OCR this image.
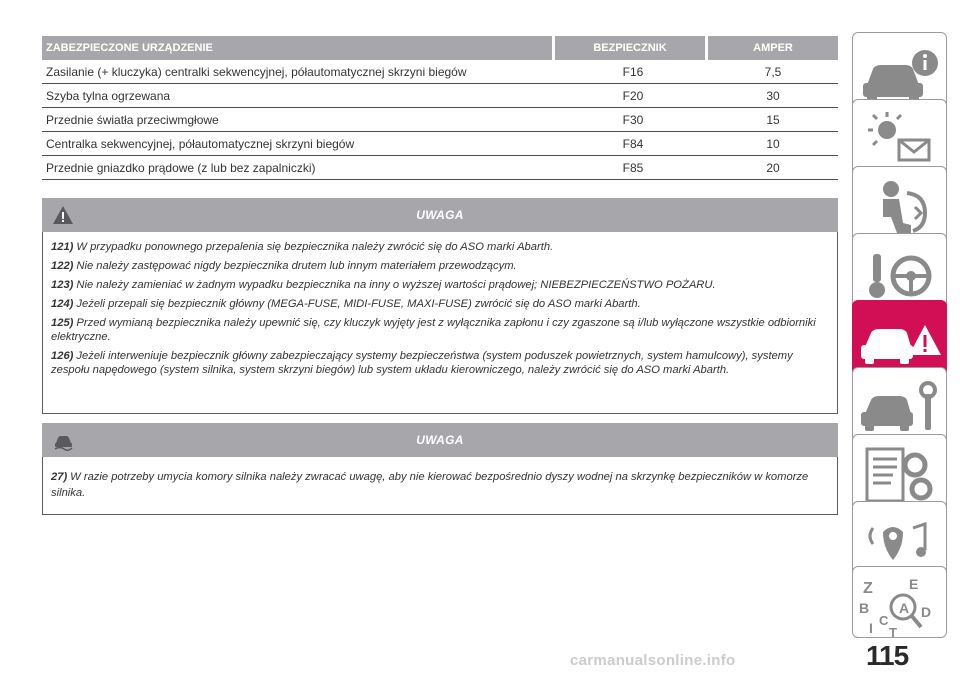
ZABEZPIECZONE URZĄDZENIE	BEZPIECZNIK	AMPER
Zasilanie (+ kluczyka) centralki sekwencyjnej, półautomatycznej skrzyni biegów	F16	7,5
Szyba tylna ogrzewana	F20	30
Przednie światła przeciwmgłowe	F30	15
Centralka sekwencyjnej, półautomatycznej skrzyni biegów	F84	10
Przednie gniazdko prądowe (z lub bez zapalniczki)	F85	20
UWAGA

121) W przypadku ponownego przepalenia się bezpiecznika należy zwrócić się do ASO marki Abarth.

122) Nie należy zastępować nigdy bezpiecznika drutem lub innym materiałem przewodzącym.

123) Nie należy zamieniać w żadnym wypadku bezpiecznika na inny o wyższej wartości prądowej; NIEBEZPIECZEŃSTWO POŻARU.

124) Jeżeli przepali się bezpiecznik główny (MEGA-FUSE, MIDI-FUSE, MAXI-FUSE) zwrócić się do ASO marki Abarth.

125) Przed wymianą bezpiecznika należy upewnić się, czy kluczyk wyjęty jest z wyłącznika zapłonu i czy zgaszone są i/lub wyłączone wszystkie odbiorniki elektryczne.

126) Jeżeli interweniuje bezpiecznik główny zabezpieczający systemy bezpieczeństwa (system poduszek powietrznych, system hamulcowy), systemy zespołu napędowego (system silnika, system skrzyni biegów) lub system układu kierowniczego, należy zwrócić się do ASO marki Abarth.

UWAGA

27) W razie potrzeby umycia komory silnika należy zwracać uwagę, aby nie kierować bezpośrednio dyszy wodnej na skrzynkę bezpieczników w komorze silnika.

Z	E
A
B
C
D
I T
115
carmanualsonline.info
